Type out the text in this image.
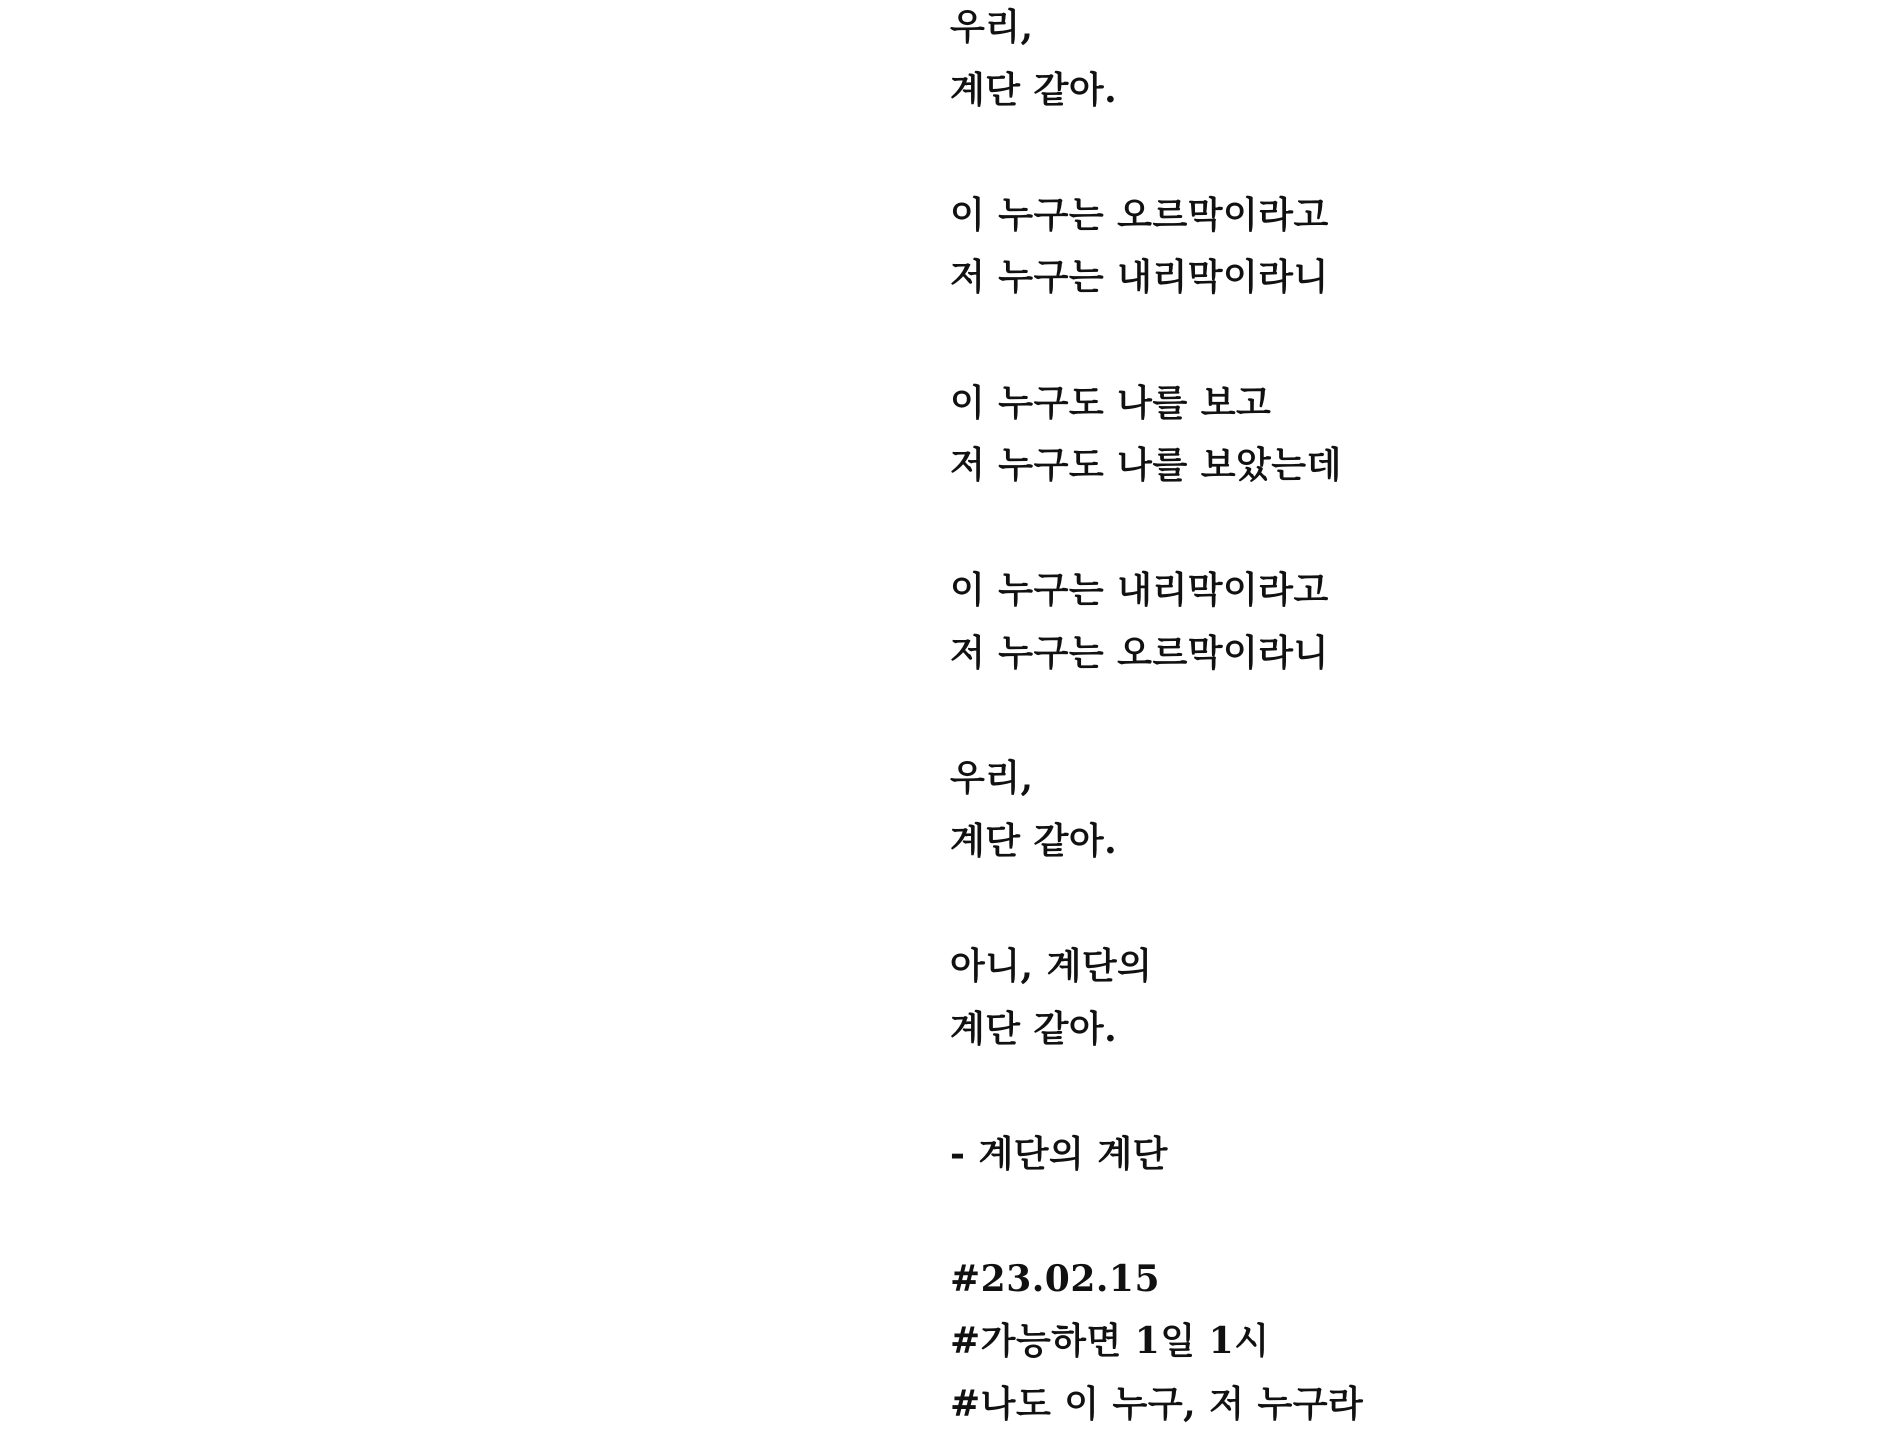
우리,
계단 같아.
이 누구는 오르막이라고
저 누구는 내리막이라니
이 누구도 나를 보고
저 누구도 나를 보았는데
이 누구는 내리막이라고
저 누구는 오르막이라니
우리,
계단 같아.
아니, 계단의
계단 같아.
- 계단의 계단
#23.02.15
#가능하면 1일 1시
#나도 이 누구, 저 누구라
